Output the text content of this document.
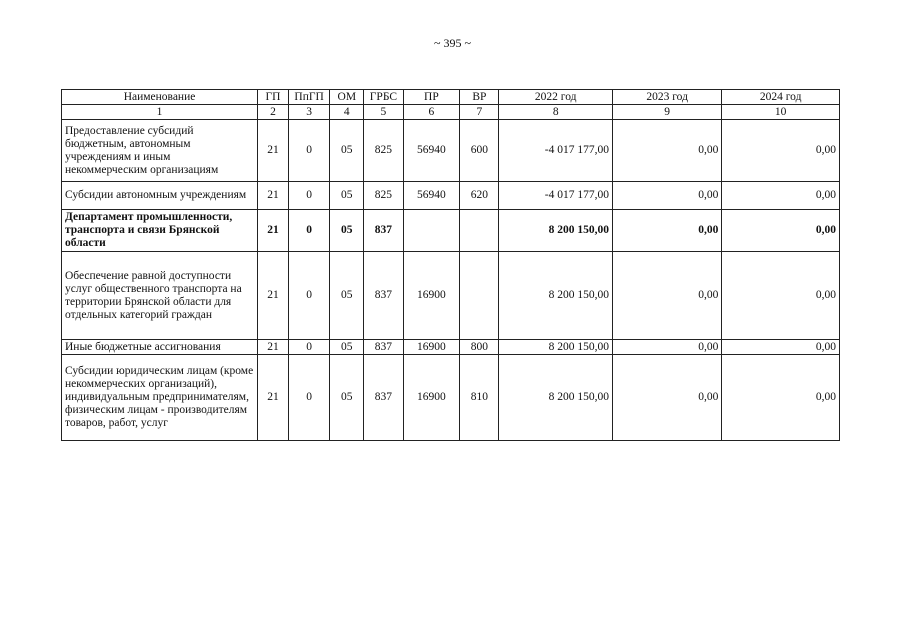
~ 395 ~
Наименование	ГП	ПпГП	ОМ	ГРБС	ПР	ВР	2022 год	2023 год	2024 год
1	2	3	4	5	6	7	8	9	10
Предоставление субсидий бюджетным, автономным учреждениям и иным некоммерческим организациям	21	0	05	825	56940	600	-4 017 177,00	0,00	0,00
Субсидии автономным учреждениям	21	0	05	825	56940	620	-4 017 177,00	0,00	0,00
Департамент промышленности, транспорта и связи Брянской области	21	0	05	837			8 200 150,00	0,00	0,00
Обеспечение равной доступности услуг общественного транспорта на территории Брянской области для отдельных категорий граждан	21	0	05	837	16900		8 200 150,00	0,00	0,00
Иные бюджетные ассигнования	21	0	05	837	16900	800	8 200 150,00	0,00	0,00
Субсидии юридическим лицам (кроме некоммерческих организаций), индивидуальным предпринимателям, физическим лицам - производителям товаров, работ, услуг	21	0	05	837	16900	810	8 200 150,00	0,00	0,00
